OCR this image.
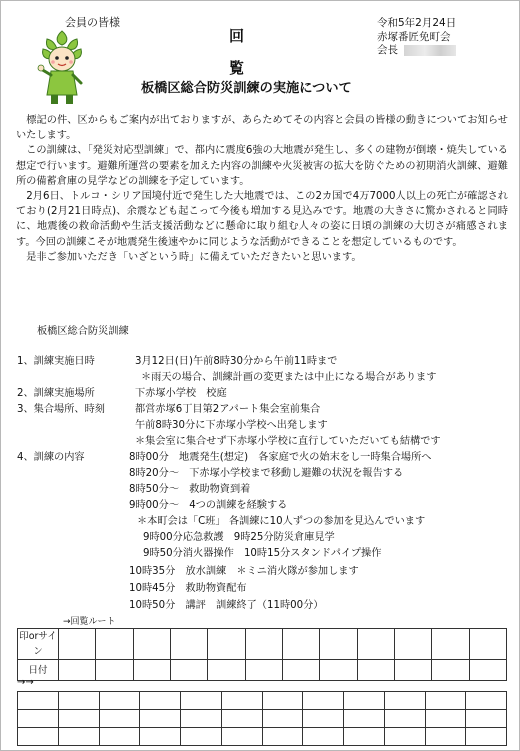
会員の皆様
回
覧
令和5年2月24日
赤塚番匠免町会
会長
板橋区総合防災訓練の実施について

標記の件、区からもご案内が出ておりますが、あらためてその内容と会員の皆様の動きについてお知らせいたします。

この訓練は、「発災対応型訓練」で、都内に震度6強の大地震が発生し、多くの建物が倒壊・焼失している想定で行います。避難所運営の要素を加えた内容の訓練や火災被害の拡大を防ぐための初期消火訓練、避難所の備蓄倉庫の見学などの訓練を予定しています。

2月6日、トルコ・シリア国境付近で発生した大地震では、この2カ国で4万7000人以上の死亡が確認されており(2月21日時点)、余震なども起こって今後も増加する見込みです。地震の大きさに驚かされると同時に、地震後の救命活動や生活支援活動などに懸命に取り組む人々の姿に日頃の訓練の大切さが痛感されます。今回の訓練こそが地震発生後速やかに同じような活動ができることを想定しているものです。

是非ご参加いただき「いざという時」に備えていただきたいと思います。

板橋区総合防災訓練
1、訓練実施日時	3月12日(日)午前8時30分から午前11時まで
＊雨天の場合、訓練計画の変更または中止になる場合があります
2、訓練実施場所	下赤塚小学校　校庭
3、集合場所、時刻	都営赤塚6丁目第2アパート集会室前集合
午前8時30分に下赤塚小学校へ出発します
＊集会室に集合せず下赤塚小学校に直行していただいても結構です
4、訓練の内容	8時00分　地震発生(想定)　各家庭で火の始末をし一時集合場所へ
8時20分～　下赤塚小学校まで移動し避難の状況を報告する
8時50分～　救助物資到着
9時00分～　4つの訓練を経験する
＊本町会は「C班」 各訓練に10人ずつの参加を見込んでいます
9時00分応急救護　9時25分防災倉庫見学
9時50分消火器操作　10時15分スタンドパイプ操作
10時35分　放水訓練　＊ミニ消火隊が参加します
10時45分　救助物資配布
10時50分　講評　訓練終了（11時00分）
→回覧ルート
印orサイン												
日付												
→→
